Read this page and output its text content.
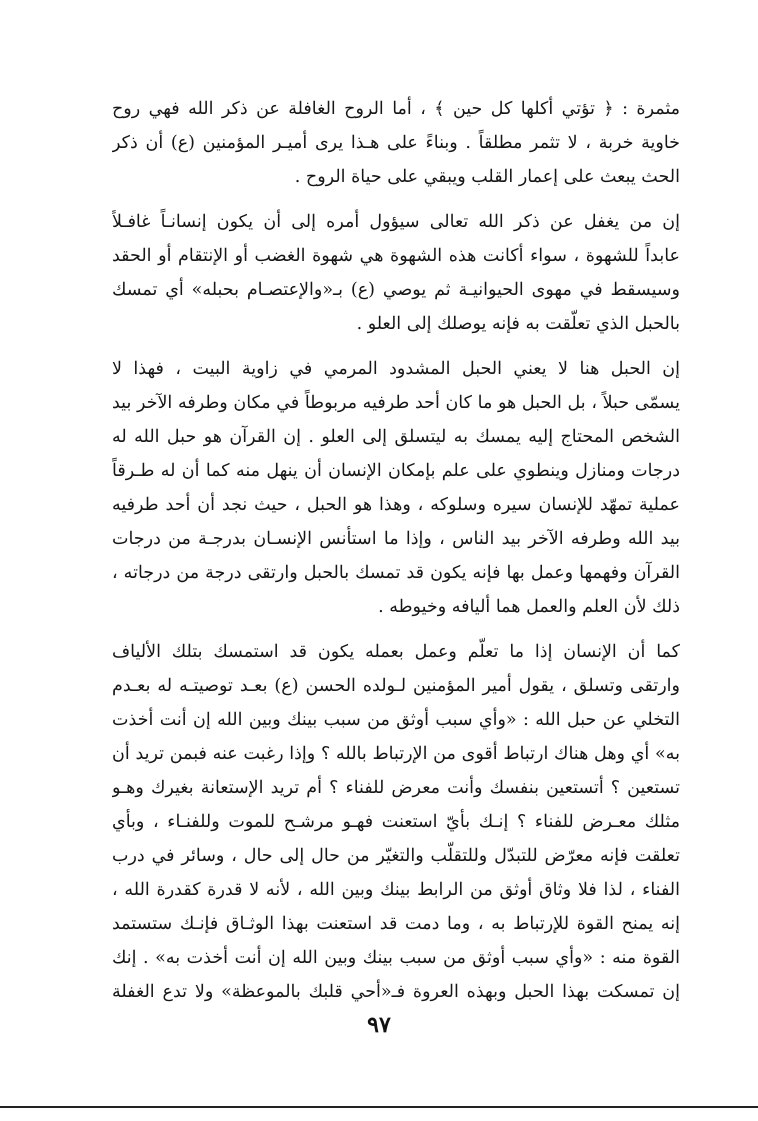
مثمرة : ﴿ تؤتي أكلها كل حين ﴾ ، أما الروح الغافلة عن ذكر الله فهي روح
خاوية خربة ، لا تثمر مطلقاً . وبناءً على هـذا يرى أميـر المؤمنين (ع) أن ذكر
الحث يبعث على إعمار القلب ويبقي على حياة الروح .
إن من يغفل عن ذكر الله تعالى سيؤول أمره إلى أن يكون إنسانـاً غافـلاً
عابداً للشهوة ، سواء أكانت هذه الشهوة هي شهوة الغضب أو الإنتقام أو الحقد
وسيسقط في مهوى الحيوانيـة ثم يوصي (ع) بـ«والإعتصـام بحبله» أي تمسك
بالحبل الذي تعلّقت به فإنه يوصلك إلى العلو .
إن الحبل هنا لا يعني الحبل المشدود المرمي في زاوية البيت ، فهذا لا
يسمّى حبلاً ، بل الحبل هو ما كان أحد طرفيه مربوطاً في مكان وطرفه الآخر بيد
الشخص المحتاج إليه يمسك به ليتسلق إلى العلو . إن القرآن هو حبل الله له
درجات ومنازل وينطوي على علم بإمكان الإنسان أن ينهل منه كما أن له طـرقاً
عملية تمهّد للإنسان سيره وسلوكه ، وهذا هو الحبل ، حيث نجد أن أحد طرفيه
بيد الله وطرفه الآخر بيد الناس ، وإذا ما استأنس الإنسـان بدرجـة من درجات
القرآن وفهمها وعمل بها فإنه يكون قد تمسك بالحبل وارتقى درجة من درجاته ،
ذلك لأن العلم والعمل هما أليافه وخيوطه .
كما أن الإنسان إذا ما تعلّم وعمل بعمله يكون قد استمسك بتلك الألياف
وارتقى وتسلق ، يقول أمير المؤمنين لـولده الحسن (ع) بعـد توصيتـه له بعـدم
التخلي عن حبل الله : «وأي سبب أوثق من سبب بينك وبين الله إن أنت أخذت
به» أي وهل هناك ارتباط أقوى من الإرتباط بالله ؟ وإذا رغبت عنه فبمن تريد أن
تستعين ؟ أتستعين بنفسك وأنت معرض للفناء ؟ أم تريد الإستعانة بغيرك وهـو
مثلك معـرض للفناء ؟ إنـك بأيّ استعنت فهـو مرشـح للموت وللفنـاء ، وبأي
تعلقت فإنه معرّض للتبدّل وللتقلّب والتغيّر من حال إلى حال ، وسائر في درب
الفناء ، لذا فلا وثاق أوثق من الرابط بينك وبين الله ، لأنه لا قدرة كقدرة الله ،
إنه يمنح القوة للإرتباط به ، وما دمت قد استعنت بهذا الوثـاق فإنـك ستستمد
القوة منه : «وأي سبب أوثق من سبب بينك وبين الله إن أنت أخذت به» . إنك
إن تمسكت بهذا الحبل وبهذه العروة فـ«أحي قلبك بالموعظة» ولا تدع الغفلة
٩٧
